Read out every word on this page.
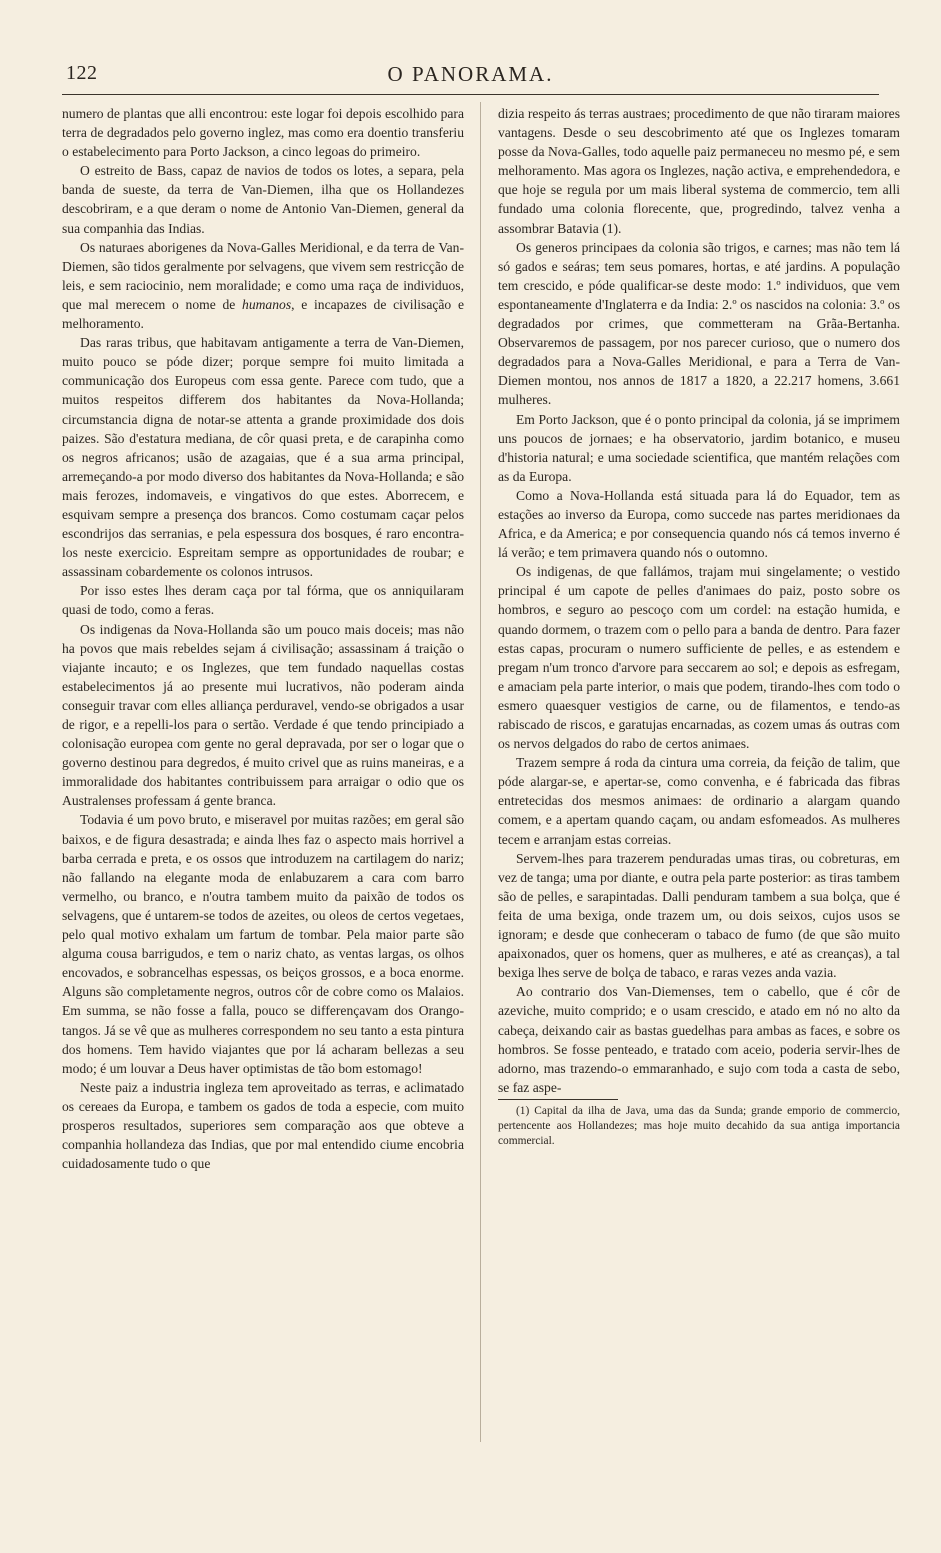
122	O PANORAMA.

numero de plantas que alli encontrou: este logar foi depois escolhido para terra de degradados pelo governo inglez, mas como era doentio transferiu o estabelecimento para Porto Jackson, a cinco legoas do primeiro.

O estreito de Bass, capaz de navios de todos os lotes, a separa, pela banda de sueste, da terra de Van-Diemen, ilha que os Hollandezes descobriram, e a que deram o nome de Antonio Van-Diemen, general da sua companhia das Indias.

Os naturaes aborigenes da Nova-Galles Meridional, e da terra de Van-Diemen, são tidos geralmente por selvagens, que vivem sem restricção de leis, e sem raciocinio, nem moralidade; e como uma raça de individuos, que mal merecem o nome de humanos, e incapazes de civilisação e melhoramento.

Das raras tribus, que habitavam antigamente a terra de Van-Diemen, muito pouco se póde dizer; porque sempre foi muito limitada a communicação dos Europeus com essa gente. Parece com tudo, que a muitos respeitos differem dos habitantes da Nova-Hollanda; circumstancia digna de notar-se attenta a grande proximidade dos dois paizes. São d'estatura mediana, de côr quasi preta, e de carapinha como os negros africanos; usão de azagaias, que é a sua arma principal, arremeçando-a por modo diverso dos habitantes da Nova-Hollanda; e são mais ferozes, indomaveis, e vingativos do que estes. Aborrecem, e esquivam sempre a presença dos brancos. Como costumam caçar pelos escondrijos das serranias, e pela espessura dos bosques, é raro encontra-los neste exercicio. Espreitam sempre as opportunidades de roubar; e assassinam cobardemente os colonos intrusos.

Por isso estes lhes deram caça por tal fórma, que os anniquilaram quasi de todo, como a feras.

Os indigenas da Nova-Hollanda são um pouco mais doceis; mas não ha povos que mais rebeldes sejam á civilisação; assassinam á traição o viajante incauto; e os Inglezes, que tem fundado naquellas costas estabelecimentos já ao presente mui lucrativos, não poderam ainda conseguir travar com elles alliança perduravel, vendo-se obrigados a usar de rigor, e a repelli-los para o sertão. Verdade é que tendo principiado a colonisação europea com gente no geral depravada, por ser o logar que o governo destinou para degredos, é muito crivel que as ruins maneiras, e a immoralidade dos habitantes contribuissem para arraigar o odio que os Australenses professam á gente branca.

Todavia é um povo bruto, e miseravel por muitas razões; em geral são baixos, e de figura desastrada; e ainda lhes faz o aspecto mais horrivel a barba cerrada e preta, e os ossos que introduzem na cartilagem do nariz; não fallando na elegante moda de enlabuzarem a cara com barro vermelho, ou branco, e n'outra tambem muito da paixão de todos os selvagens, que é untarem-se todos de azeites, ou oleos de certos vegetaes, pelo qual motivo exhalam um fartum de tombar. Pela maior parte são alguma cousa barrigudos, e tem o nariz chato, as ventas largas, os olhos encovados, e sobrancelhas espessas, os beiços grossos, e a boca enorme. Alguns são completamente negros, outros côr de cobre como os Malaios. Em summa, se não fosse a falla, pouco se differençavam dos Orango-tangos. Já se vê que as mulheres correspondem no seu tanto a esta pintura dos homens. Tem havido viajantes que por lá acharam bellezas a seu modo; é um louvar a Deus haver optimistas de tão bom estomago!

Neste paiz a industria ingleza tem aproveitado as terras, e aclimatado os cereaes da Europa, e tambem os gados de toda a especie, com muito prosperos resultados, superiores sem comparação aos que obteve a companhia hollandeza das Indias, que por mal entendido ciume encobria cuidadosamente tudo o que

dizia respeito ás terras austraes; procedimento de que não tiraram maiores vantagens. Desde o seu descobrimento até que os Inglezes tomaram posse da Nova-Galles, todo aquelle paiz permaneceu no mesmo pé, e sem melhoramento. Mas agora os Inglezes, nação activa, e emprehendedora, e que hoje se regula por um mais liberal systema de commercio, tem alli fundado uma colonia florecente, que, progredindo, talvez venha a assombrar Batavia (1).

Os generos principaes da colonia são trigos, e carnes; mas não tem lá só gados e seáras; tem seus pomares, hortas, e até jardins. A população tem crescido, e póde qualificar-se deste modo: 1.º individuos, que vem espontaneamente d'Inglaterra e da India: 2.º os nascidos na colonia: 3.º os degradados por crimes, que commetteram na Grãa-Bertanha. Observaremos de passagem, por nos parecer curioso, que o numero dos degradados para a Nova-Galles Meridional, e para a Terra de Van-Diemen montou, nos annos de 1817 a 1820, a 22.217 homens, 3.661 mulheres.

Em Porto Jackson, que é o ponto principal da colonia, já se imprimem uns poucos de jornaes; e ha observatorio, jardim botanico, e museu d'historia natural; e uma sociedade scientifica, que mantém relações com as da Europa.

Como a Nova-Hollanda está situada para lá do Equador, tem as estações ao inverso da Europa, como succede nas partes meridionaes da Africa, e da America; e por consequencia quando nós cá temos inverno é lá verão; e tem primavera quando nós o outomno.

Os indigenas, de que fallámos, trajam mui singelamente; o vestido principal é um capote de pelles d'animaes do paiz, posto sobre os hombros, e seguro ao pescoço com um cordel: na estação humida, e quando dormem, o trazem com o pello para a banda de dentro. Para fazer estas capas, procuram o numero sufficiente de pelles, e as estendem e pregam n'um tronco d'arvore para seccarem ao sol; e depois as esfregam, e amaciam pela parte interior, o mais que podem, tirando-lhes com todo o esmero quaesquer vestigios de carne, ou de filamentos, e tendo-as rabiscado de riscos, e garatujas encarnadas, as cozem umas ás outras com os nervos delgados do rabo de certos animaes.

Trazem sempre á roda da cintura uma correia, da feição de talim, que póde alargar-se, e apertar-se, como convenha, e é fabricada das fibras entretecidas dos mesmos animaes: de ordinario a alargam quando comem, e a apertam quando caçam, ou andam esfomeados. As mulheres tecem e arranjam estas correias.

Servem-lhes para trazerem penduradas umas tiras, ou cobreturas, em vez de tanga; uma por diante, e outra pela parte posterior: as tiras tambem são de pelles, e sarapintadas. Dalli penduram tambem a sua bolça, que é feita de uma bexiga, onde trazem um, ou dois seixos, cujos usos se ignoram; e desde que conheceram o tabaco de fumo (de que são muito apaixonados, quer os homens, quer as mulheres, e até as creanças), a tal bexiga lhes serve de bolça de tabaco, e raras vezes anda vazia.

Ao contrario dos Van-Diemenses, tem o cabello, que é côr de azeviche, muito comprido; e o usam crescido, e atado em nó no alto da cabeça, deixando cair as bastas guedelhas para ambas as faces, e sobre os hombros. Se fosse penteado, e tratado com aceio, poderia servir-lhes de adorno, mas trazendo-o emmaranhado, e sujo com toda a casta de sebo, se faz aspe-

(1) Capital da ilha de Java, uma das da Sunda; grande emporio de commercio, pertencente aos Hollandezes; mas hoje muito decahido da sua antiga importancia commercial.
